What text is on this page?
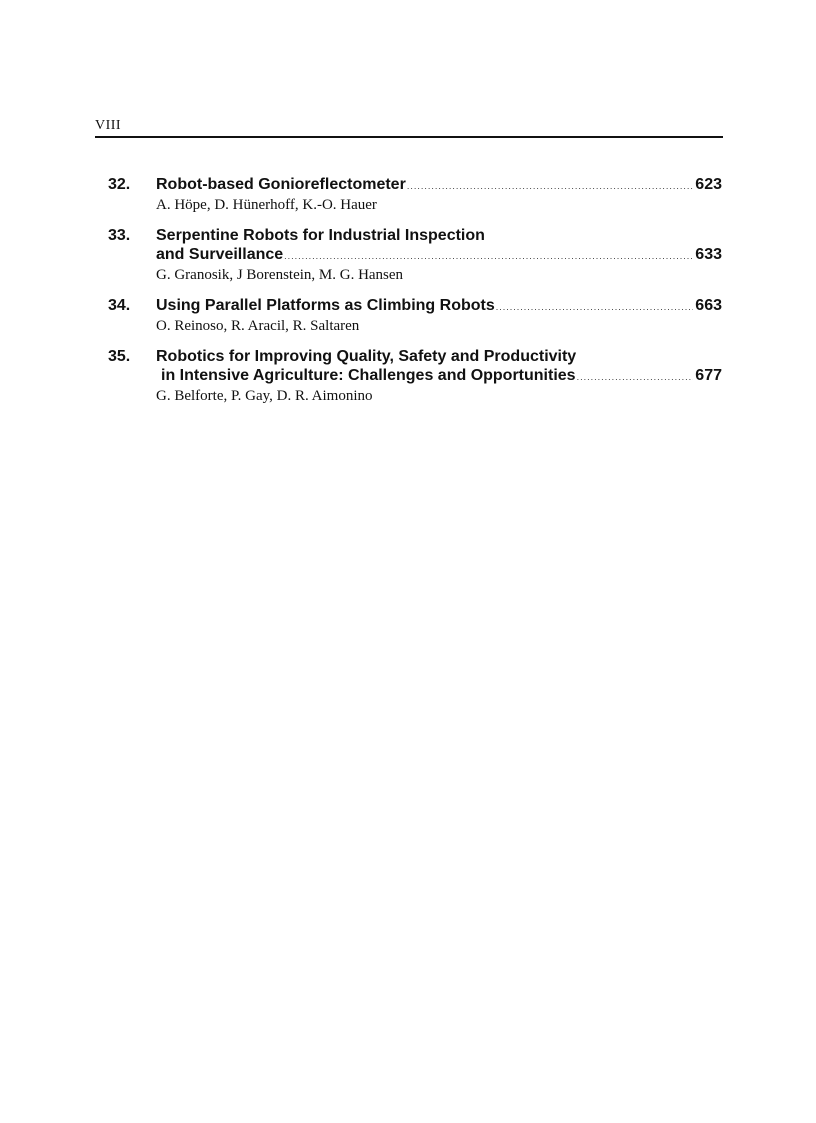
VIII
32. Robot-based Gonioreflectometer .....	623
A. Höpe, D. Hünerhoff, K.-O. Hauer
33. Serpentine Robots for Industrial Inspection
and Surveillance .....	633
G. Granosik, J Borenstein, M. G. Hansen
34. Using Parallel Platforms as Climbing Robots .....	663
O. Reinoso, R. Aracil, R. Saltaren
35. Robotics for Improving Quality, Safety and Productivity
in Intensive Agriculture: Challenges and Opportunities .....	677
G. Belforte, P. Gay, D. R. Aimonino
